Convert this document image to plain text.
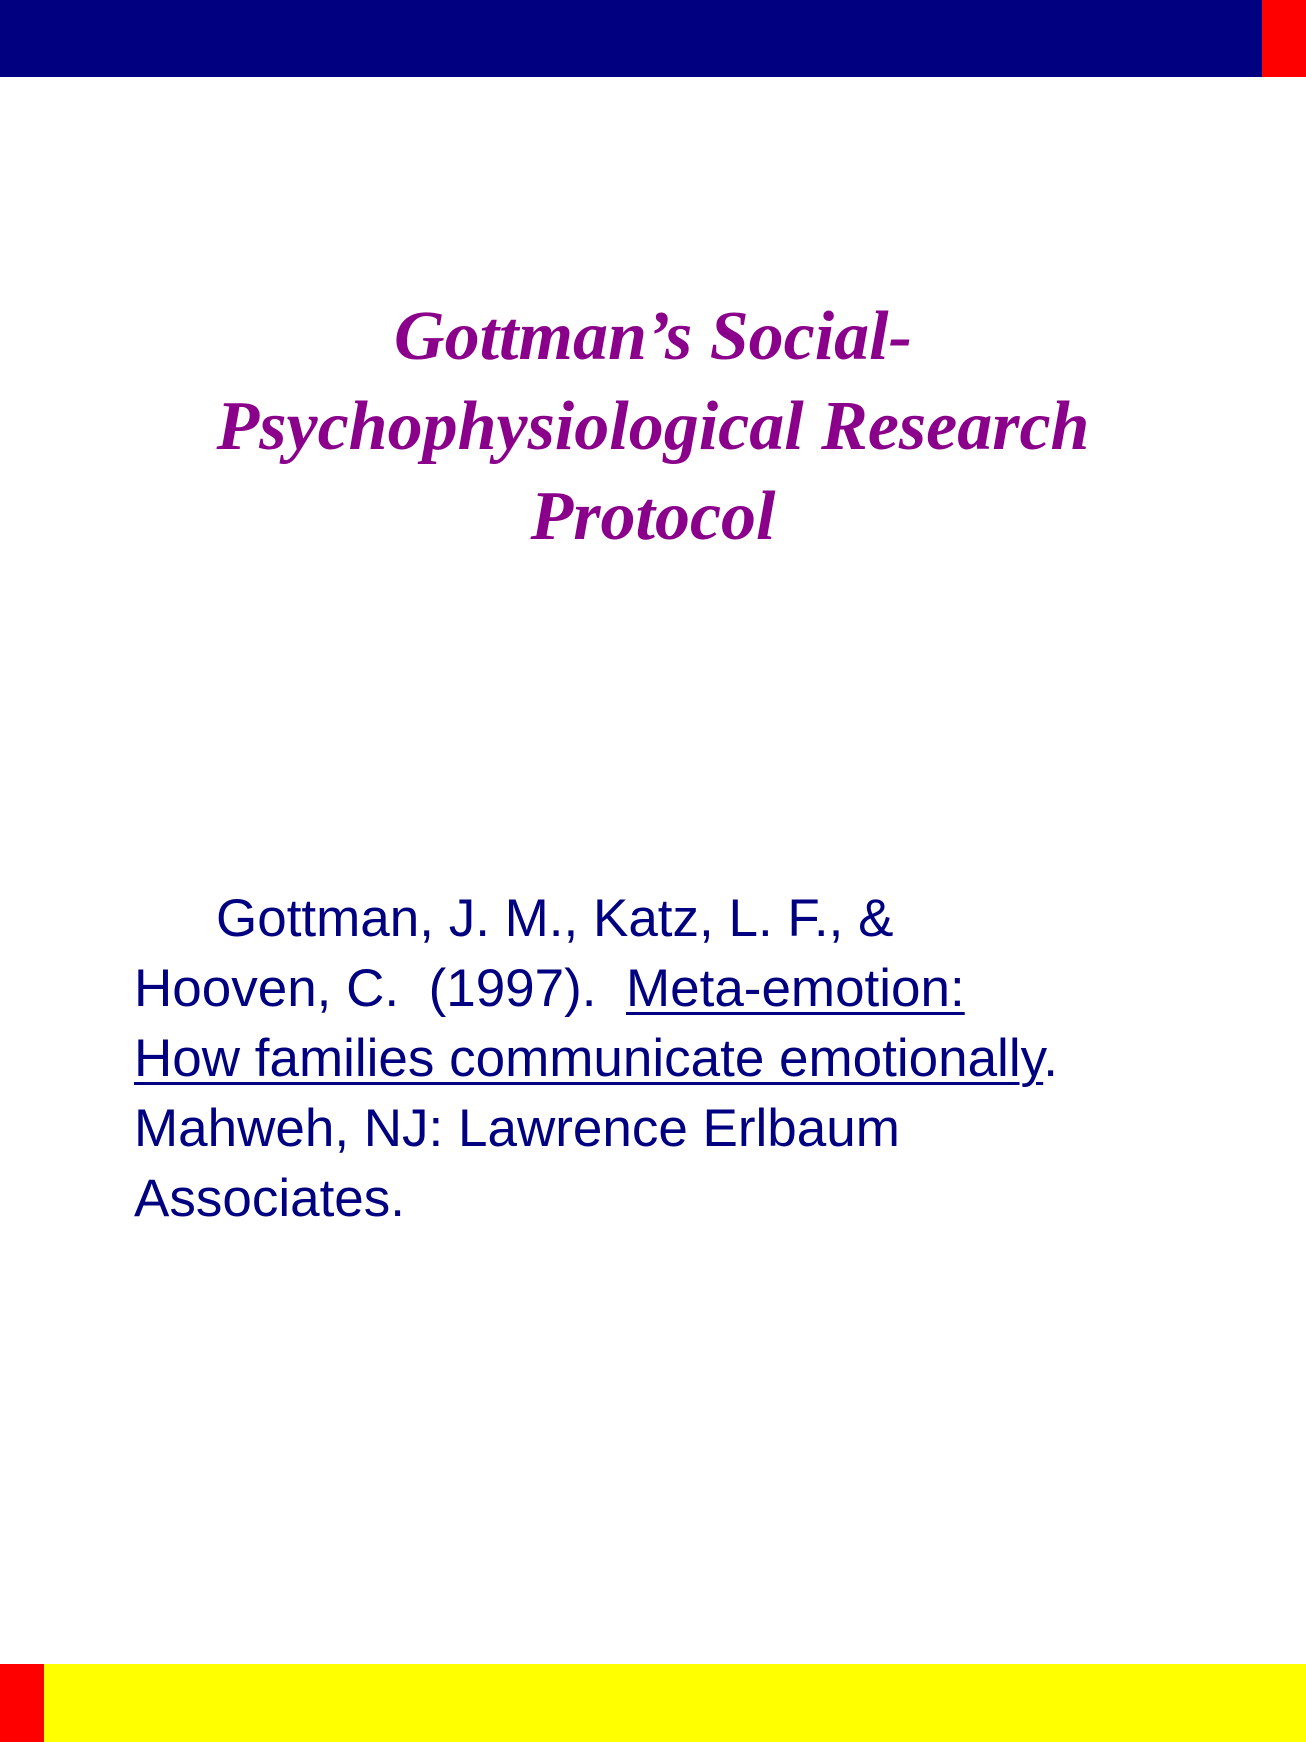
Gottman’s Social-
Psychophysiological Research
Protocol

Gottman, J. M., Katz, L. F., &
Hooven, C.  (1997).  Meta-emotion:
How families communicate emotionally.
Mahweh, NJ: Lawrence Erlbaum
Associates.
